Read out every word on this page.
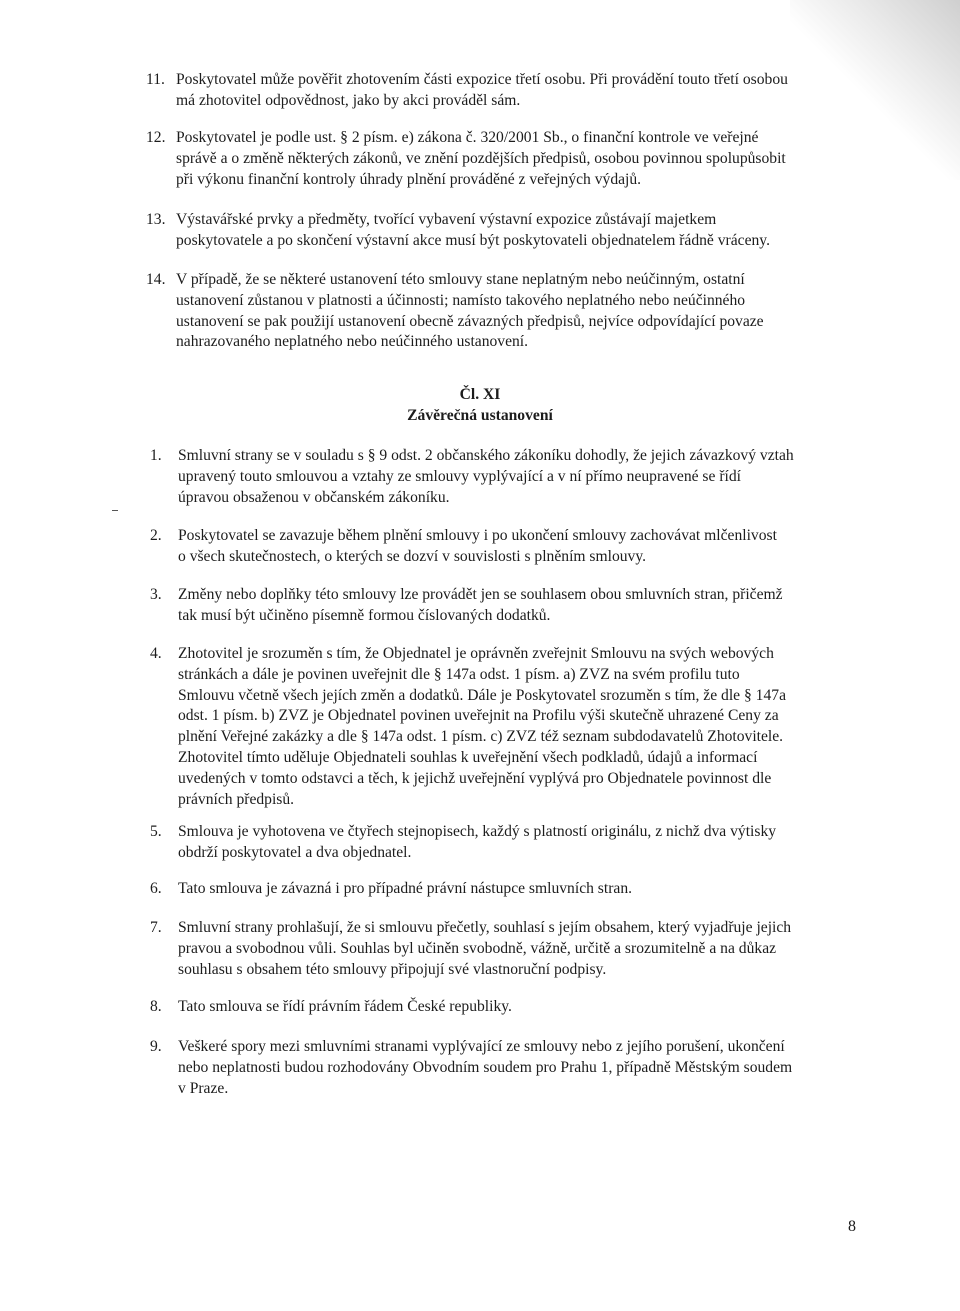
11. Poskytovatel může pověřit zhotovením části expozice třetí osobu. Při provádění touto třetí osobou
má zhotovitel odpovědnost, jako by akci prováděl sám.
12. Poskytovatel je podle ust. § 2 písm. e) zákona č. 320/2001 Sb., o finanční kontrole ve veřejné
správě a o změně některých zákonů, ve znění pozdějších předpisů, osobou povinnou spolupůsobit
při výkonu finanční kontroly úhrady plnění prováděné z veřejných výdajů.
13. Výstavářské prvky a předměty, tvořící vybavení výstavní expozice zůstávají majetkem
poskytovatele a po skončení výstavní akce musí být poskytovateli objednatelem řádně vráceny.
14. V případě, že se některé ustanovení této smlouvy stane neplatným nebo neúčinným, ostatní
ustanovení zůstanou v platnosti a účinnosti; namísto takového neplatného nebo neúčinného
ustanovení se pak použijí ustanovení obecně závazných předpisů, nejvíce odpovídající povaze
nahrazovaného neplatného nebo neúčinného ustanovení.
Čl. XI
Závěrečná ustanovení
1. Smluvní strany se v souladu s § 9 odst. 2 občanského zákoníku dohodly, že jejich závazkový vztah
upravený touto smlouvou a vztahy ze smlouvy vyplývající a v ní přímo neupravené se řídí
úpravou obsaženou v občanském zákoníku.
2. Poskytovatel se zavazuje během plnění smlouvy i po ukončení smlouvy zachovávat mlčenlivost
o všech skutečnostech, o kterých se dozví v souvislosti s plněním smlouvy.
3. Změny nebo doplňky této smlouvy lze provádět jen se souhlasem obou smluvních stran, přičemž
tak musí být učiněno písemně formou číslovaných dodatků.
4. Zhotovitel je srozuměn s tím, že Objednatel je oprávněn zveřejnit Smlouvu na svých webových
stránkách a dále je povinen uveřejnit dle § 147a odst. 1 písm. a) ZVZ na svém profilu tuto
Smlouvu včetně všech jejích změn a dodatků. Dále je Poskytovatel srozuměn s tím, že dle § 147a
odst. 1 písm. b) ZVZ je Objednatel povinen uveřejnit na Profilu výši skutečně uhrazené Ceny za
plnění Veřejné zakázky a dle § 147a odst. 1 písm. c) ZVZ též seznam subdodavatelů Zhotovitele.
Zhotovitel tímto uděluje Objednateli souhlas k uveřejnění všech podkladů, údajů a informací
uvedených v tomto odstavci a těch, k jejichž uveřejnění vyplývá pro Objednatele povinnost dle
právních předpisů.
5. Smlouva je vyhotovena ve čtyřech stejnopisech, každý s platností originálu, z nichž dva výtisky
obdrží poskytovatel a dva objednatel.
6. Tato smlouva je závazná i pro případné právní nástupce smluvních stran.
7. Smluvní strany prohlašují, že si smlouvu přečetly, souhlasí s jejím obsahem, který vyjadřuje jejich
pravou a svobodnou vůli. Souhlas byl učiněn svobodně, vážně, určitě a srozumitelně a na důkaz
souhlasu s obsahem této smlouvy připojují své vlastnoruční podpisy.
8. Tato smlouva se řídí právním řádem České republiky.
9. Veškeré spory mezi smluvními stranami vyplývající ze smlouvy nebo z jejího porušení, ukončení
nebo neplatnosti budou rozhodovány Obvodním soudem pro Prahu 1, případně Městským soudem
v Praze.
8
